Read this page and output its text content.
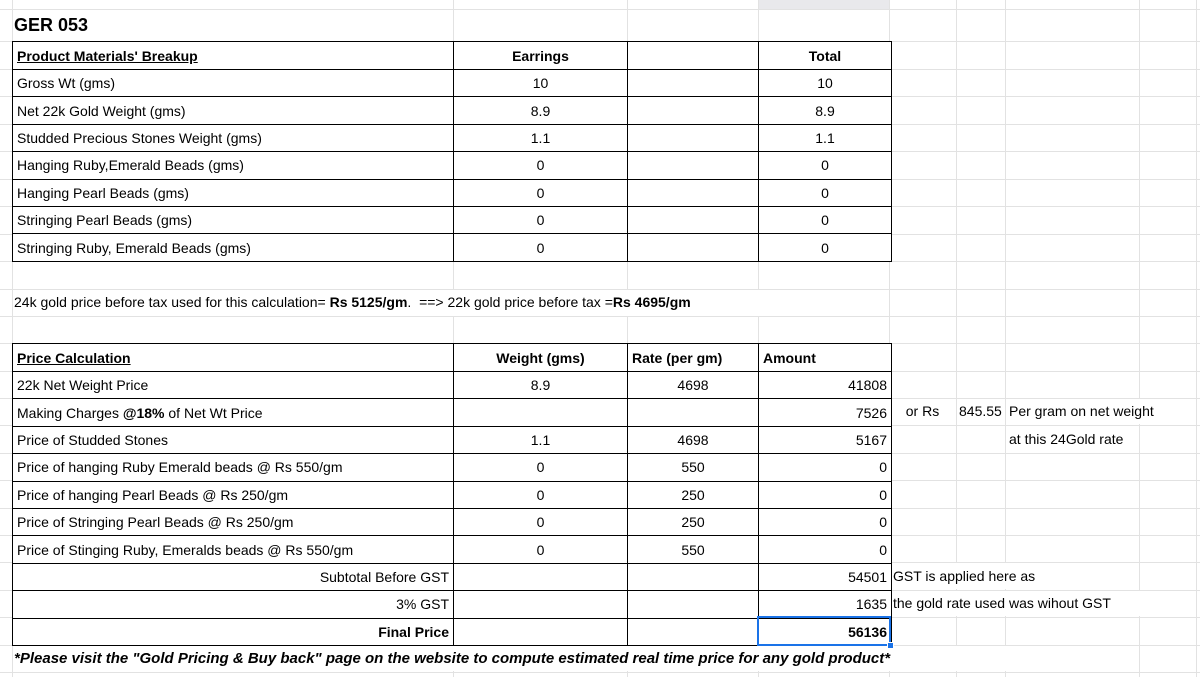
GER 053
Product Materials' Breakup	Earrings		Total
Gross Wt (gms)	10		10
Net 22k Gold Weight (gms)	8.9		8.9
Studded Precious Stones Weight (gms)	1.1		1.1
Hanging Ruby,Emerald Beads (gms)	0		0
Hanging Pearl Beads (gms)	0		0
Stringing Pearl Beads (gms)	0		0
Stringing Ruby, Emerald Beads (gms)	0		0
24k gold price before tax used for this calculation= Rs 5125/gm.  ==> 22k gold price before tax =Rs 4695/gm
Price Calculation	Weight (gms)	Rate (per gm)	Amount
22k Net Weight Price	8.9	4698	41808
Making Charges @18% of Net Wt Price			7526
Price of Studded Stones	1.1	4698	5167
Price of hanging Ruby Emerald beads @ Rs 550/gm	0	550	0
Price of hanging Pearl Beads @ Rs 250/gm	0	250	0
Price of Stringing Pearl Beads @ Rs 250/gm	0	250	0
Price of Stinging Ruby, Emeralds beads @ Rs 550/gm	0	550	0
Subtotal Before GST			54501
3% GST			1635
Final Price			56136
or Rs	845.55 Per gram on net weight
at this 24Gold rate
GST is applied here as
the gold rate used was wihout GST
*Please visit the "Gold Pricing & Buy back" page on the website to compute estimated real time price for any gold product*
